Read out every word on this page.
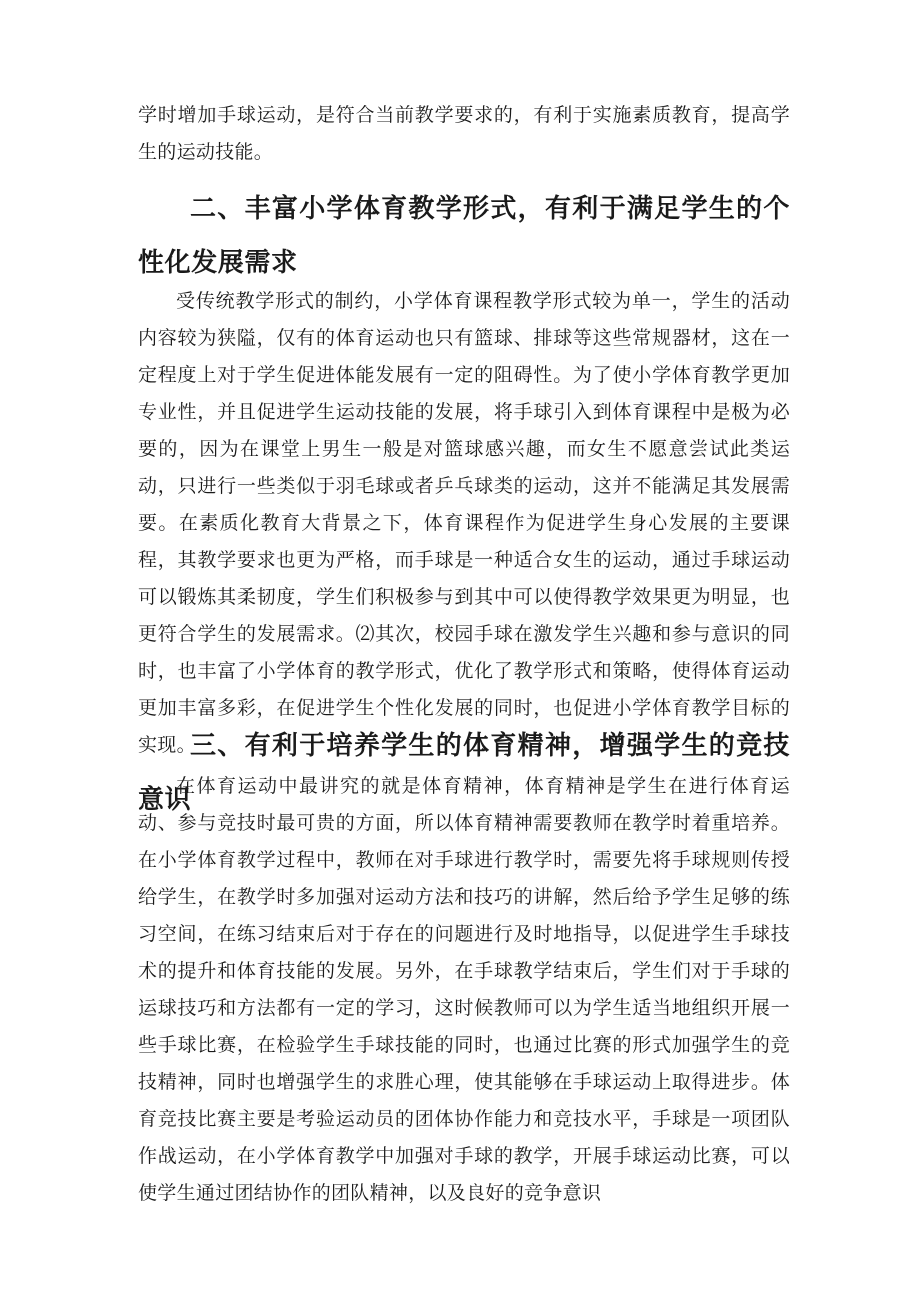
学时增加手球运动，是符合当前教学要求的，有利于实施素质教育，提高学生的运动技能。

二、丰富小学体育教学形式，有利于满足学生的个性化发展需求

受传统教学形式的制约，小学体育课程教学形式较为单一，学生的活动内容较为狭隘，仅有的体育运动也只有篮球、排球等这些常规器材，这在一定程度上对于学生促进体能发展有一定的阻碍性。为了使小学体育教学更加专业性，并且促进学生运动技能的发展，将手球引入到体育课程中是极为必要的，因为在课堂上男生一般是对篮球感兴趣，而女生不愿意尝试此类运动，只进行一些类似于羽毛球或者乒乓球类的运动，这并不能满足其发展需要。在素质化教育大背景之下，体育课程作为促进学生身心发展的主要课程，其教学要求也更为严格，而手球是一种适合女生的运动，通过手球运动可以锻炼其柔韧度，学生们积极参与到其中可以使得教学效果更为明显，也更符合学生的发展需求。⑵其次，校园手球在激发学生兴趣和参与意识的同时，也丰富了小学体育的教学形式，优化了教学形式和策略，使得体育运动更加丰富多彩，在促进学生个性化发展的同时，也促进小学体育教学目标的实现。

三、有利于培养学生的体育精神，增强学生的竞技意识

在体育运动中最讲究的就是体育精神，体育精神是学生在进行体育运动、参与竞技时最可贵的方面，所以体育精神需要教师在教学时着重培养。在小学体育教学过程中，教师在对手球进行教学时，需要先将手球规则传授给学生，在教学时多加强对运动方法和技巧的讲解，然后给予学生足够的练习空间，在练习结束后对于存在的问题进行及时地指导，以促进学生手球技术的提升和体育技能的发展。另外，在手球教学结束后，学生们对于手球的运球技巧和方法都有一定的学习，这时候教师可以为学生适当地组织开展一些手球比赛，在检验学生手球技能的同时，也通过比赛的形式加强学生的竞技精神，同时也增强学生的求胜心理，使其能够在手球运动上取得进步。体育竞技比赛主要是考验运动员的团体协作能力和竞技水平，手球是一项团队作战运动，在小学体育教学中加强对手球的教学，开展手球运动比赛，可以使学生通过团结协作的团队精神，以及良好的竞争意识
